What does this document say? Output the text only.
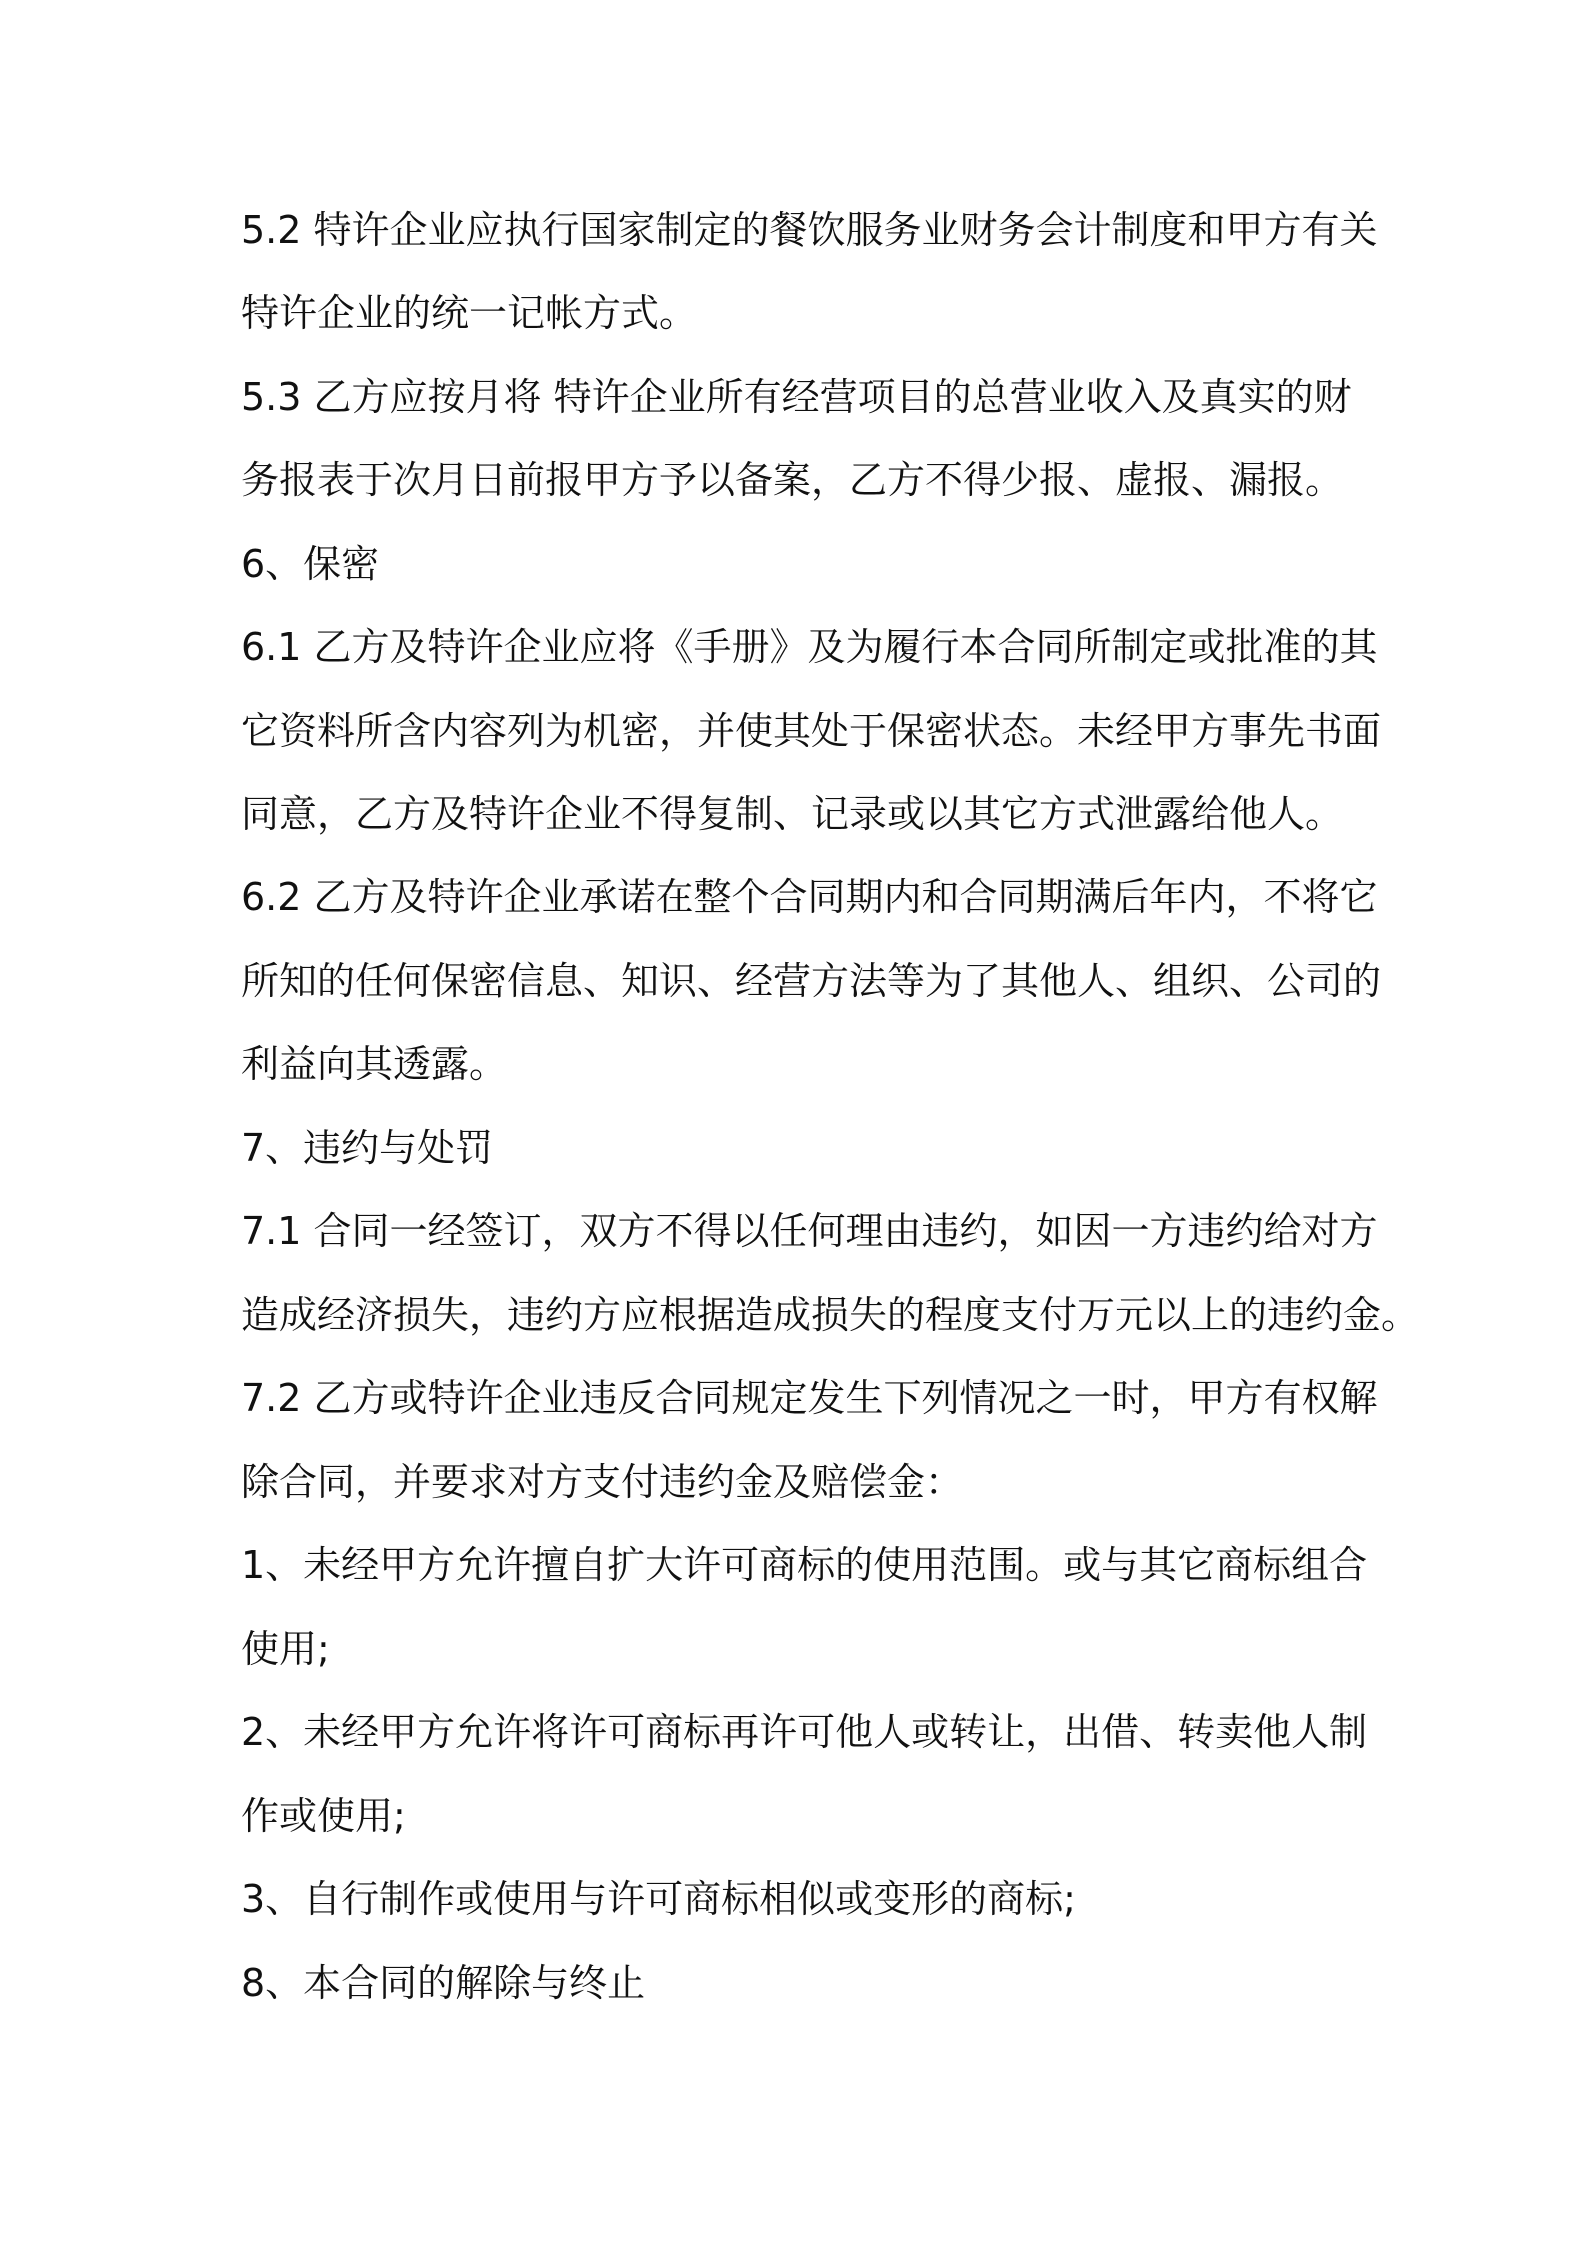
5.2 特许企业应执行国家制定的餐饮服务业财务会计制度和甲方有关
特许企业的统一记帐方式。
5.3 乙方应按月将 特许企业所有经营项目的总营业收入及真实的财
务报表于次月日前报甲方予以备案，乙方不得少报、虚报、漏报。
6、保密
6.1 乙方及特许企业应将《手册》及为履行本合同所制定或批准的其
它资料所含内容列为机密，并使其处于保密状态。未经甲方事先书面
同意，乙方及特许企业不得复制、记录或以其它方式泄露给他人。
6.2 乙方及特许企业承诺在整个合同期内和合同期满后年内，不将它
所知的任何保密信息、知识、经营方法等为了其他人、组织、公司的
利益向其透露。
7、违约与处罚
7.1 合同一经签订，双方不得以任何理由违约，如因一方违约给对方
造成经济损失，违约方应根据造成损失的程度支付万元以上的违约金。
7.2 乙方或特许企业违反合同规定发生下列情况之一时，甲方有权解
除合同，并要求对方支付违约金及赔偿金：
1、未经甲方允许擅自扩大许可商标的使用范围。或与其它商标组合
使用;
2、未经甲方允许将许可商标再许可他人或转让，出借、转卖他人制
作或使用;
3、自行制作或使用与许可商标相似或变形的商标;
8、本合同的解除与终止
